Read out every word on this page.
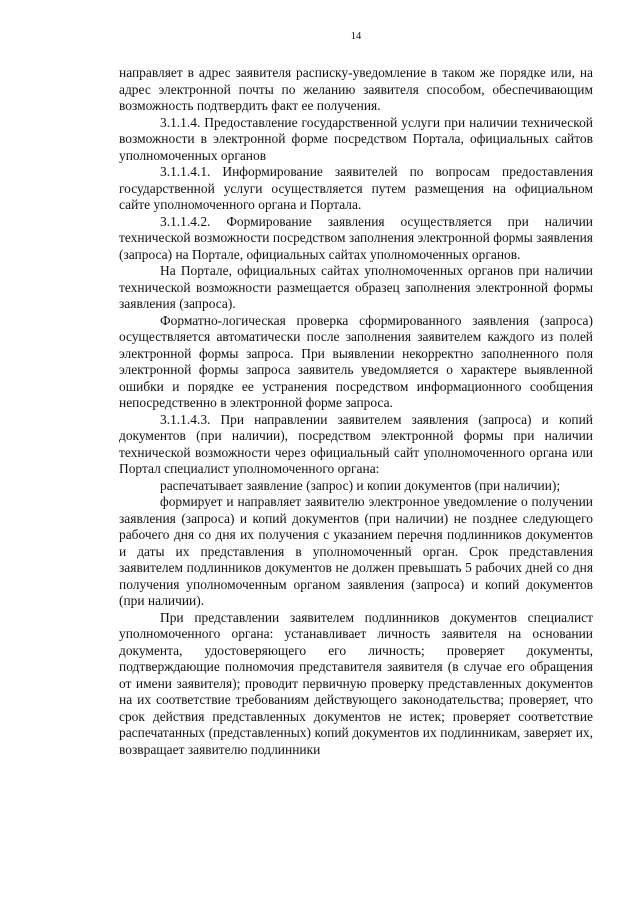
14

направляет в адрес заявителя расписку-уведомление в таком же порядке или, на адрес электронной почты по желанию заявителя способом, обеспечивающим возможность подтвердить факт ее получения.

3.1.1.4. Предоставление государственной услуги при наличии технической возможности в электронной форме посредством Портала, официальных сайтов уполномоченных органов

3.1.1.4.1. Информирование заявителей по вопросам предоставления государственной услуги осуществляется путем размещения на официальном сайте уполномоченного органа и Портала.

3.1.1.4.2. Формирование заявления осуществляется при наличии технической возможности посредством заполнения электронной формы заявления (запроса) на Портале, официальных сайтах уполномоченных органов.

На Портале, официальных сайтах уполномоченных органов при наличии технической возможности размещается образец заполнения электронной формы заявления (запроса).

Форматно-логическая проверка сформированного заявления (запроса) осуществляется автоматически после заполнения заявителем каждого из полей электронной формы запроса. При выявлении некорректно заполненного поля электронной формы запроса заявитель уведомляется о характере выявленной ошибки и порядке ее устранения посредством информационного сообщения непосредственно в электронной форме запроса.

3.1.1.4.3. При направлении заявителем заявления (запроса) и копий документов (при наличии), посредством электронной формы при наличии технической возможности через официальный сайт уполномоченного органа или Портал специалист уполномоченного органа:

распечатывает заявление (запрос) и копии документов (при наличии);

формирует и направляет заявителю электронное уведомление о получении заявления (запроса) и копий документов (при наличии) не позднее следующего рабочего дня со дня их получения с указанием перечня подлинников документов и даты их представления в уполномоченный орган. Срок представления заявителем подлинников документов не должен превышать 5 рабочих дней со дня получения уполномоченным органом заявления (запроса) и копий документов (при наличии).

При представлении заявителем подлинников документов специалист уполномоченного органа: устанавливает личность заявителя на основании документа, удостоверяющего его личность; проверяет документы, подтверждающие полномочия представителя заявителя (в случае его обращения от имени заявителя); проводит первичную проверку представленных документов на их соответствие требованиям действующего законодательства; проверяет, что срок действия представленных документов не истек; проверяет соответствие распечатанных (представленных) копий документов их подлинникам, заверяет их, возвращает заявителю подлинники
